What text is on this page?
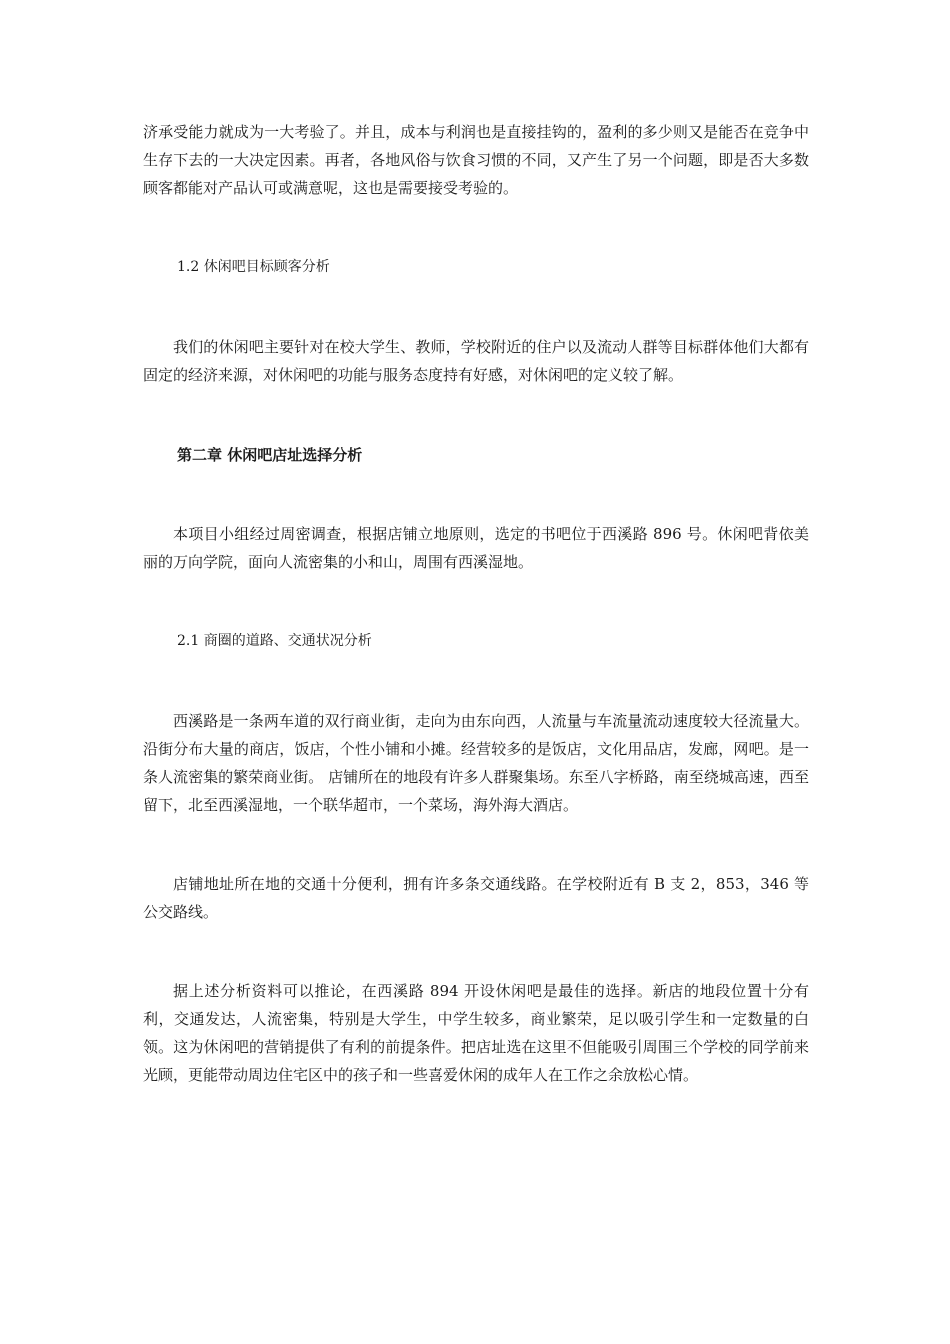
济承受能力就成为一大考验了。并且，成本与利润也是直接挂钩的，盈利的多少则又是能否在竞争中生存下去的一大决定因素。再者，各地风俗与饮食习惯的不同，又产生了另一个问题，即是否大多数顾客都能对产品认可或满意呢，这也是需要接受考验的。

1.2 休闲吧目标顾客分析

我们的休闲吧主要针对在校大学生、教师，学校附近的住户以及流动人群等目标群体他们大都有固定的经济来源，对休闲吧的功能与服务态度持有好感，对休闲吧的定义较了解。

第二章 休闲吧店址选择分析

本项目小组经过周密调查，根据店铺立地原则，选定的书吧位于西溪路 896 号。休闲吧背依美丽的万向学院，面向人流密集的小和山，周围有西溪湿地。

2.1 商圈的道路、交通状况分析

西溪路是一条两车道的双行商业街，走向为由东向西，人流量与车流量流动速度较大径流量大。沿街分布大量的商店，饭店，个性小铺和小摊。经营较多的是饭店，文化用品店，发廊，网吧。是一条人流密集的繁荣商业街。 店铺所在的地段有许多人群聚集场。东至八字桥路，南至绕城高速，西至留下，北至西溪湿地，一个联华超市，一个菜场，海外海大酒店。

店铺地址所在地的交通十分便利，拥有许多条交通线路。在学校附近有 B 支 2，853，346 等公交路线。

据上述分析资料可以推论，在西溪路 894 开设休闲吧是最佳的选择。新店的地段位置十分有利，交通发达，人流密集，特别是大学生，中学生较多，商业繁荣，足以吸引学生和一定数量的白领。这为休闲吧的营销提供了有利的前提条件。把店址选在这里不但能吸引周围三个学校的同学前来光顾，更能带动周边住宅区中的孩子和一些喜爱休闲的成年人在工作之余放松心情。
